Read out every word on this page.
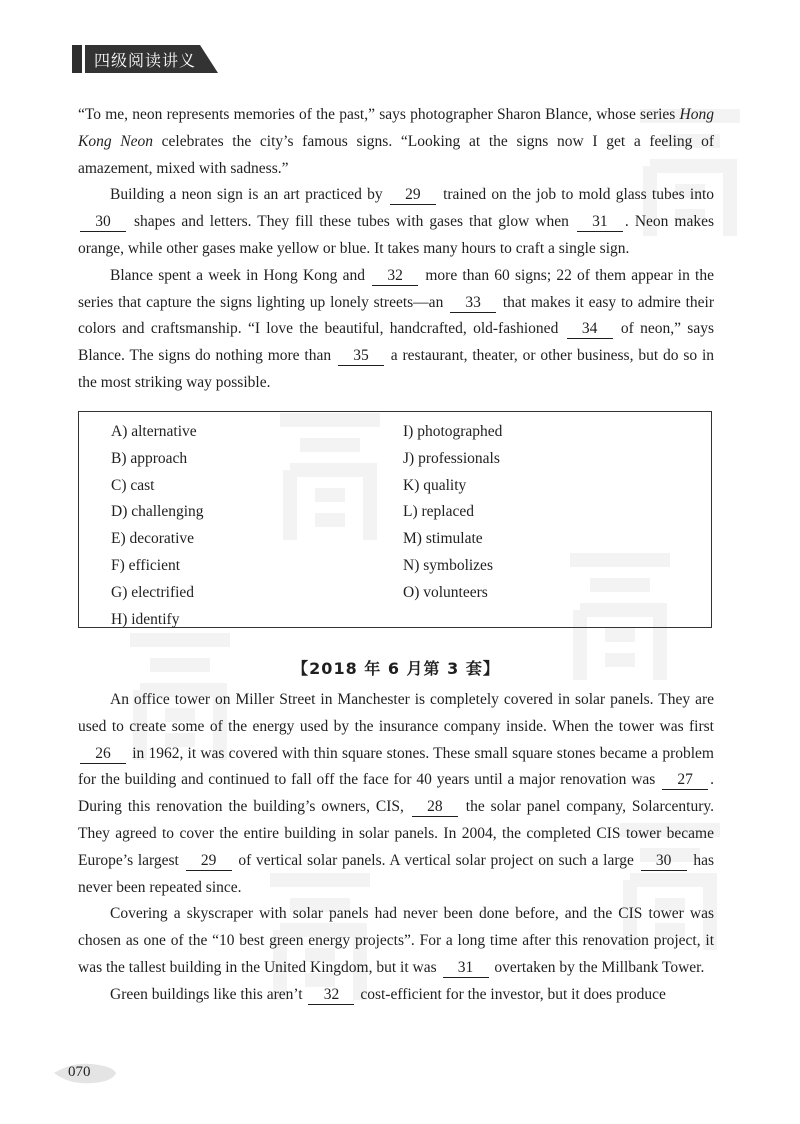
四级阅读讲义

“To me, neon represents memories of the past,” says photographer Sharon Blance, whose series Hong Kong Neon celebrates the city’s famous signs. “Looking at the signs now I get a feeling of amazement, mixed with sadness.”

Building a neon sign is an art practiced by 29 trained on the job to mold glass tubes into 30 shapes and letters. They fill these tubes with gases that glow when 31 . Neon makes orange, while other gases make yellow or blue. It takes many hours to craft a single sign.

Blance spent a week in Hong Kong and 32 more than 60 signs; 22 of them appear in the series that capture the signs lighting up lonely streets—an 33 that makes it easy to admire their colors and craftsmanship. “I love the beautiful, handcrafted, old-fashioned 34 of neon,” says Blance. The signs do nothing more than 35 a restaurant, theater, or other business, but do so in the most striking way possible.

A) alternative
B) approach
C) cast
D) challenging
E) decorative
F) efficient
G) electrified
H) identify
I) photographed
J) professionals
K) quality
L) replaced
M) stimulate
N) symbolizes
O) volunteers
【2018 年 6 月第 3 套】

An office tower on Miller Street in Manchester is completely covered in solar panels. They are used to create some of the energy used by the insurance company inside. When the tower was first 26 in 1962, it was covered with thin square stones. These small square stones became a problem for the building and continued to fall off the face for 40 years until a major renovation was 27 . During this renovation the building’s owners, CIS, 28 the solar panel company, Solarcentury. They agreed to cover the entire building in solar panels. In 2004, the completed CIS tower became Europe’s largest 29 of vertical solar panels. A vertical solar project on such a large 30 has never been repeated since.

Covering a skyscraper with solar panels had never been done before, and the CIS tower was chosen as one of the “10 best green energy projects”. For a long time after this renovation project, it was the tallest building in the United Kingdom, but it was 31 overtaken by the Millbank Tower.

Green buildings like this aren’t 32 cost-efficient for the investor, but it does produce

070
